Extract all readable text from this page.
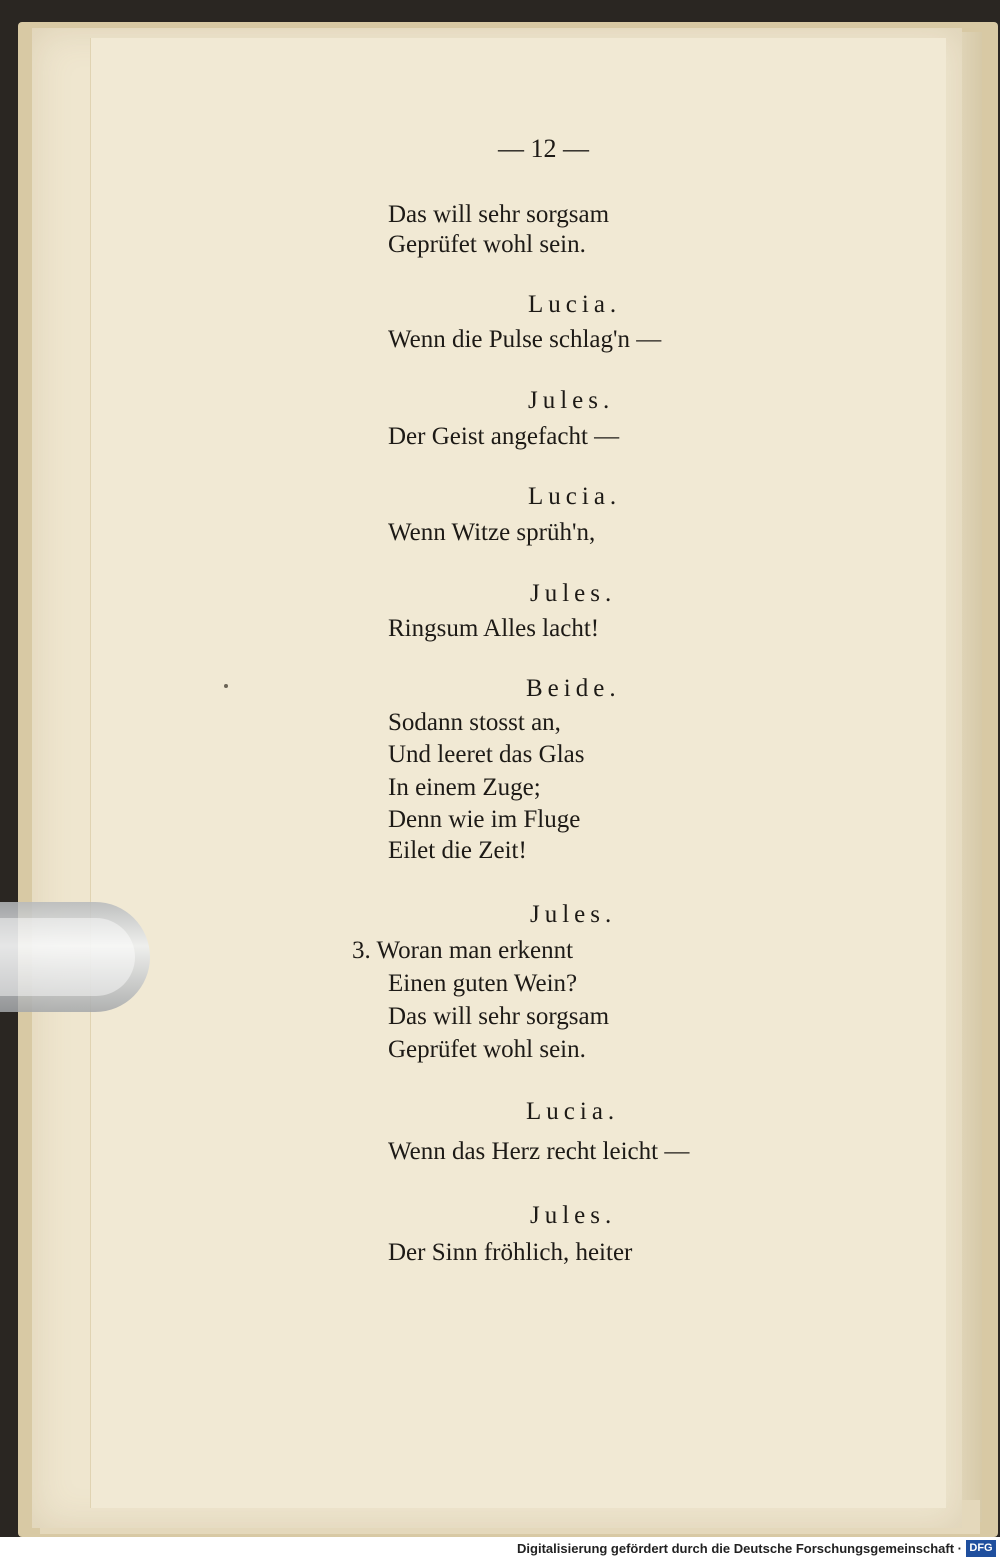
— 12 —
Das will sehr sorgsam
Geprüfet wohl sein.
Lucia.
Wenn die Pulse schlag'n —
Jules.
Der Geist angefacht —
Lucia.
Wenn Witze sprüh'n,
Jules.
Ringsum Alles lacht!
Beide.
Sodann stosst an,
Und leeret das Glas
In einem Zuge;
Denn wie im Fluge
Eilet die Zeit!
Jules.
3. Woran man erkennt
Einen guten Wein?
Das will sehr sorgsam
Geprüfet wohl sein.
Lucia.
Wenn das Herz recht leicht —
Jules.
Der Sinn fröhlich, heiter
Digitalisierung gefördert durch die Deutsche Forschungsgemeinschaft · DFG
